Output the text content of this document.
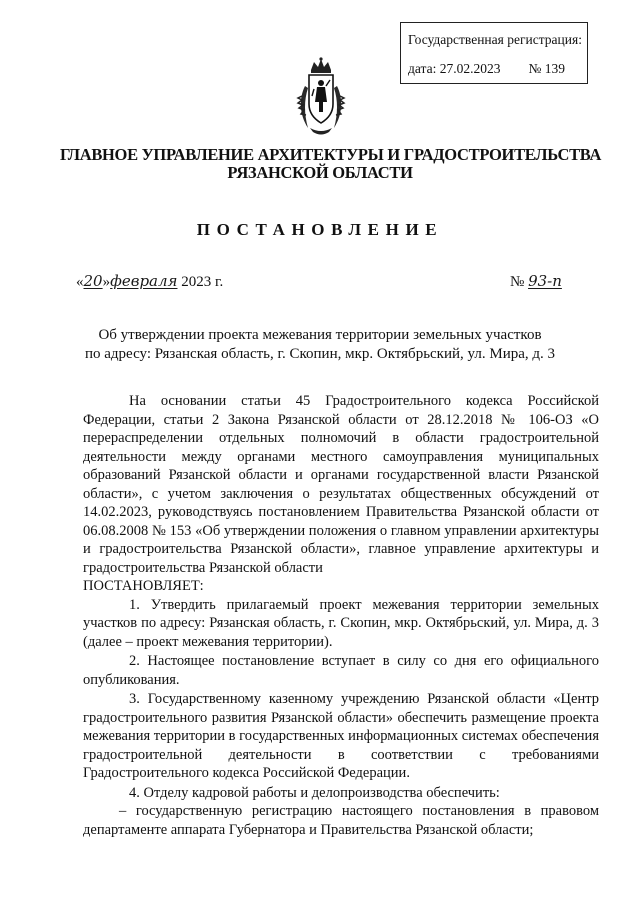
Государственная регистрация:
дата: 27.02.2023 № 139
ГЛАВНОЕ УПРАВЛЕНИЕ АРХИТЕКТУРЫ И ГРАДОСТРОИТЕЛЬСТВА
РЯЗАНСКОЙ ОБЛАСТИ
ПОСТАНОВЛЕНИЕ
«20»февраля 2023 г.	№ 93-п
Об утверждении проекта межевания территории земельных участков
по адресу: Рязанская область, г. Скопин, мкр. Октябрьский, ул. Мира, д. 3

На основании статьи 45 Градостроительного кодекса Российской Федерации, статьи 2 Закона Рязанской области от 28.12.2018 № 106-ОЗ «О перераспределении отдельных полномочий в области градостроительной деятельности между органами местного самоуправления муниципальных образований Рязанской области и органами государственной власти Рязанской области», с учетом заключения о результатах общественных обсуждений от 14.02.2023, руководствуясь постановлением Правительства Рязанской области от 06.08.2008 № 153 «Об утверждении положения о главном управлении архитектуры и градостроительства Рязанской области», главное управление архитектуры и градостроительства Рязанской области

ПОСТАНОВЛЯЕТ:

1. Утвердить прилагаемый проект межевания территории земельных участков по адресу: Рязанская область, г. Скопин, мкр. Октябрьский, ул. Мира, д. 3 (далее – проект межевания территории).

2. Настоящее постановление вступает в силу со дня его официального опубликования.

3. Государственному казенному учреждению Рязанской области «Центр градостроительного развития Рязанской области» обеспечить размещение проекта межевания территории в государственных информационных системах обеспечения градостроительной деятельности в соответствии с требованиями Градостроительного кодекса Российской Федерации.

4. Отделу кадровой работы и делопроизводства обеспечить:

– государственную регистрацию настоящего постановления в правовом департаменте аппарата Губернатора и Правительства Рязанской области;
